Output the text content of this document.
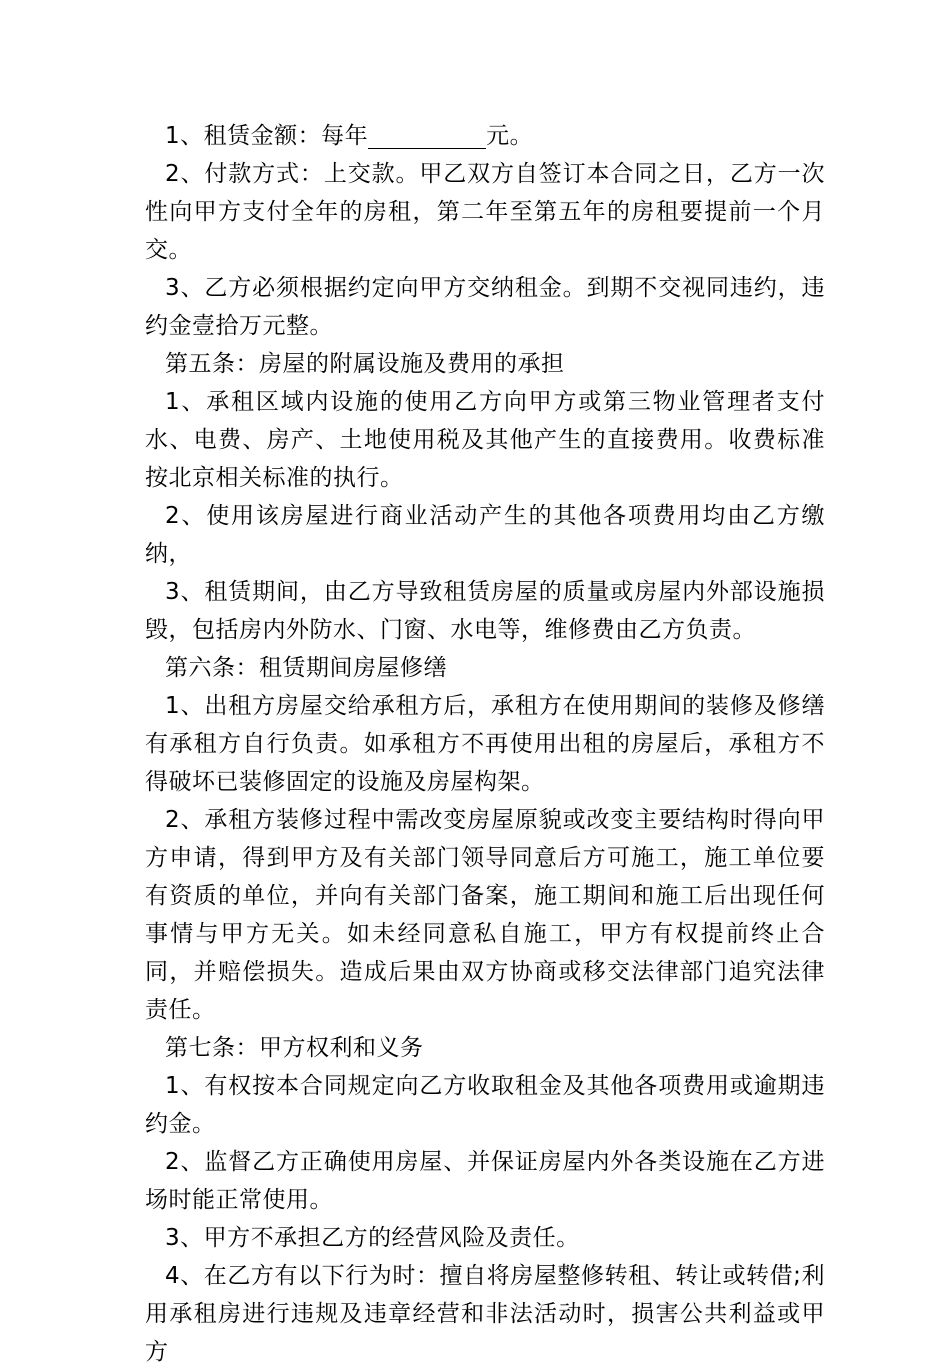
1、租赁金额：每年	元。

2、付款方式：上交款。甲乙双方自签订本合同之日，乙方一次性向甲方支付全年的房租，第二年至第五年的房租要提前一个月交。

3、乙方必须根据约定向甲方交纳租金。到期不交视同违约，违约金壹拾万元整。

第五条：房屋的附属设施及费用的承担

1、承租区域内设施的使用乙方向甲方或第三物业管理者支付水、电费、房产、土地使用税及其他产生的直接费用。收费标准按北京相关标准的执行。

2、使用该房屋进行商业活动产生的其他各项费用均由乙方缴纳，

3、租赁期间，由乙方导致租赁房屋的质量或房屋内外部设施损毁，包括房内外防水、门窗、水电等，维修费由乙方负责。

第六条：租赁期间房屋修缮

1、出租方房屋交给承租方后，承租方在使用期间的装修及修缮有承租方自行负责。如承租方不再使用出租的房屋后，承租方不得破坏已装修固定的设施及房屋构架。

2、承租方装修过程中需改变房屋原貌或改变主要结构时得向甲方申请，得到甲方及有关部门领导同意后方可施工，施工单位要有资质的单位，并向有关部门备案，施工期间和施工后出现任何事情与甲方无关。如未经同意私自施工，甲方有权提前终止合同，并赔偿损失。造成后果由双方协商或移交法律部门追究法律责任。

第七条：甲方权利和义务

1、有权按本合同规定向乙方收取租金及其他各项费用或逾期违约金。

2、监督乙方正确使用房屋、并保证房屋内外各类设施在乙方进场时能正常使用。

3、甲方不承担乙方的经营风险及责任。

4、在乙方有以下行为时：擅自将房屋整修转租、转让或转借;利用承租房进行违规及违章经营和非法活动时，损害公共利益或甲方
